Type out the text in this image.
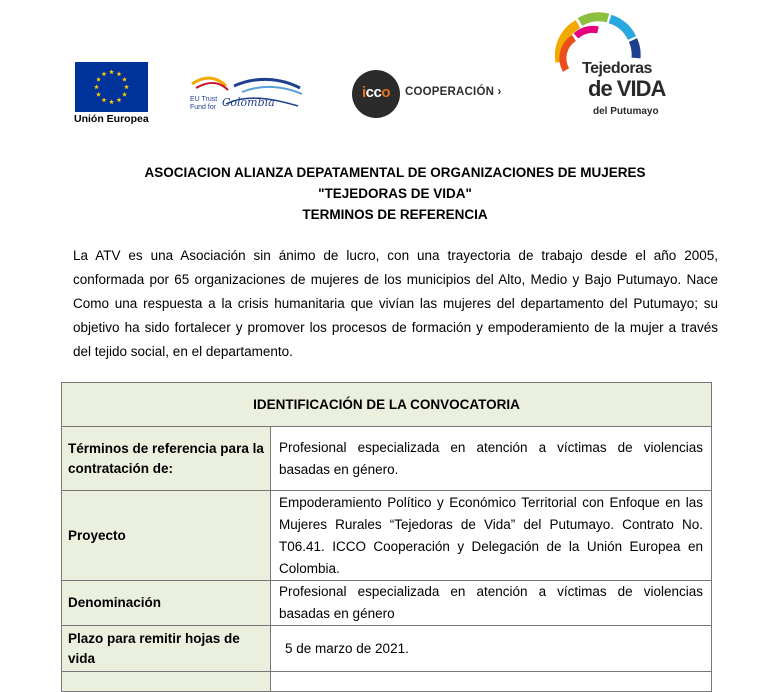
Unión Europea
EU Trust
Fund for Colombia
icco	COOPERACIÓN ›
Tejedoras
de VIDA
del Putumayo
ASOCIACION ALIANZA DEPATAMENTAL DE ORGANIZACIONES DE MUJERES
"TEJEDORAS DE VIDA"
TERMINOS DE REFERENCIA
La ATV es una Asociación sin ánimo de lucro, con una trayectoria de trabajo desde el año 2005, conformada por 65 organizaciones de mujeres de los municipios del Alto, Medio y Bajo Putumayo. Nace Como una respuesta a la crisis humanitaria que vivían las mujeres del departamento del Putumayo; su objetivo ha sido fortalecer y promover los procesos de formación y empoderamiento de la mujer a través del tejido social, en el departamento.
IDENTIFICACIÓN DE LA CONVOCATORIA	
Términos de referencia para la contratación de:	Profesional especializada en atención a víctimas de violencias basadas en género.
Proyecto	Empoderamiento Político y Económico Territorial con Enfoque en las Mujeres Rurales “Tejedoras de Vida” del Putumayo. Contrato No. T06.41. ICCO Cooperación y Delegación de la Unión Europea en Colombia.
Denominación	Profesional especializada en atención a víctimas de violencias basadas en género
Plazo para remitir hojas de vida	5 de marzo de 2021.
